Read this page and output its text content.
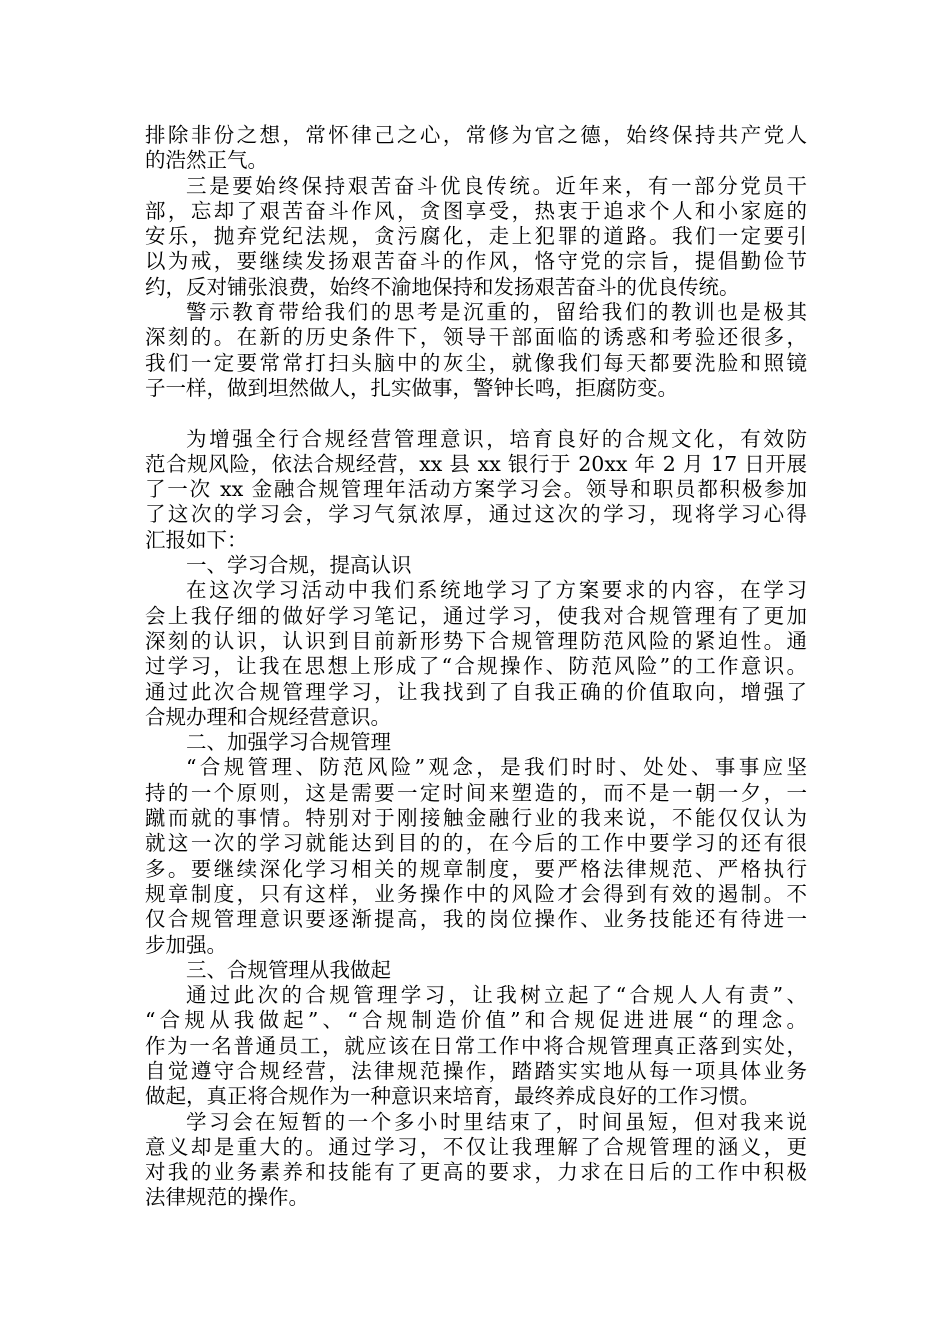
排除非份之想，常怀律己之心，常修为官之德，始终保持共产党人
的浩然正气。
三是要始终保持艰苦奋斗优良传统。近年来，有一部分党员干
部，忘却了艰苦奋斗作风，贪图享受，热衷于追求个人和小家庭的
安乐，抛弃党纪法规，贪污腐化，走上犯罪的道路。我们一定要引
以为戒，要继续发扬艰苦奋斗的作风，恪守党的宗旨，提倡勤俭节
约，反对铺张浪费，始终不渝地保持和发扬艰苦奋斗的优良传统。
警示教育带给我们的思考是沉重的，留给我们的教训也是极其
深刻的。在新的历史条件下，领导干部面临的诱惑和考验还很多，
我们一定要常常打扫头脑中的灰尘，就像我们每天都要洗脸和照镜
子一样，做到坦然做人，扎实做事，警钟长鸣，拒腐防变。
为增强全行合规经营管理意识，培育良好的合规文化，有效防
范合规风险，依法合规经营，xx 县 xx 银行于 20xx 年 2 月 17 日开展
了一次 xx 金融合规管理年活动方案学习会。领导和职员都积极参加
了这次的学习会，学习气氛浓厚，通过这次的学习，现将学习心得
汇报如下：
一、学习合规，提高认识
在这次学习活动中我们系统地学习了方案要求的内容，在学习
会上我仔细的做好学习笔记，通过学习，使我对合规管理有了更加
深刻的认识，认识到目前新形势下合规管理防范风险的紧迫性。通
过学习，让我在思想上形成了“合规操作、防范风险”的工作意识。
通过此次合规管理学习，让我找到了自我正确的价值取向，增强了
合规办理和合规经营意识。
二、加强学习合规管理
“合规管理、防范风险”观念，是我们时时、处处、事事应坚
持的一个原则，这是需要一定时间来塑造的，而不是一朝一夕，一
蹴而就的事情。特别对于刚接触金融行业的我来说，不能仅仅认为
就这一次的学习就能达到目的的，在今后的工作中要学习的还有很
多。要继续深化学习相关的规章制度，要严格法律规范、严格执行
规章制度，只有这样，业务操作中的风险才会得到有效的遏制。不
仅合规管理意识要逐渐提高，我的岗位操作、业务技能还有待进一
步加强。
三、合规管理从我做起
通过此次的合规管理学习，让我树立起了“合规人人有责”、
“合规从我做起”、“合规制造价值”和合规促进进展“的理念。
作为一名普通员工，就应该在日常工作中将合规管理真正落到实处，
自觉遵守合规经营，法律规范操作，踏踏实实地从每一项具体业务
做起，真正将合规作为一种意识来培育，最终养成良好的工作习惯。
学习会在短暂的一个多小时里结束了，时间虽短，但对我来说
意义却是重大的。通过学习，不仅让我理解了合规管理的涵义，更
对我的业务素养和技能有了更高的要求，力求在日后的工作中积极
法律规范的操作。
